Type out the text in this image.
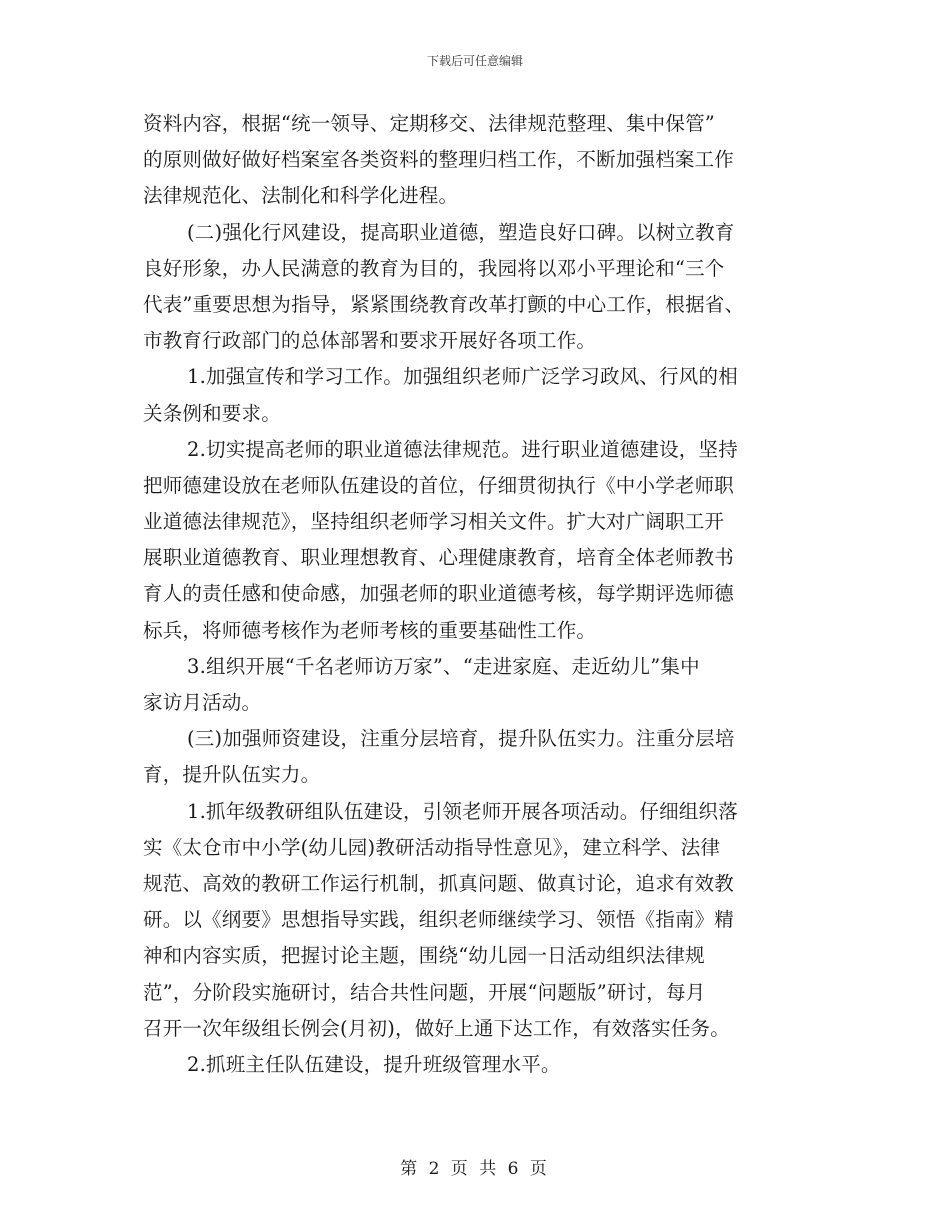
下载后可任意编辑
资料内容，根据“统一领导、定期移交、法律规范整理、集中保管”
的原则做好做好档案室各类资料的整理归档工作，不断加强档案工作
法律规范化、法制化和科学化进程。
(二)强化行风建设，提高职业道德，塑造良好口碑。以树立教育
良好形象，办人民满意的教育为目的，我园将以邓小平理论和“三个
代表”重要思想为指导，紧紧围绕教育改革打颤的中心工作，根据省、
市教育行政部门的总体部署和要求开展好各项工作。
1.加强宣传和学习工作。加强组织老师广泛学习政风、行风的相
关条例和要求。
2.切实提高老师的职业道德法律规范。进行职业道德建设，坚持
把师德建设放在老师队伍建设的首位，仔细贯彻执行《中小学老师职
业道德法律规范》，坚持组织老师学习相关文件。扩大对广阔职工开
展职业道德教育、职业理想教育、心理健康教育，培育全体老师教书
育人的责任感和使命感，加强老师的职业道德考核，每学期评选师德
标兵，将师德考核作为老师考核的重要基础性工作。
3.组织开展“千名老师访万家”、“走进家庭、走近幼儿”集中
家访月活动。
(三)加强师资建设，注重分层培育，提升队伍实力。注重分层培
育，提升队伍实力。
1.抓年级教研组队伍建设，引领老师开展各项活动。仔细组织落
实《太仓市中小学(幼儿园)教研活动指导性意见》，建立科学、法律
规范、高效的教研工作运行机制，抓真问题、做真讨论，追求有效教
研。以《纲要》思想指导实践，组织老师继续学习、领悟《指南》精
神和内容实质，把握讨论主题，围绕“幼儿园一日活动组织法律规
范”，分阶段实施研讨，结合共性问题，开展“问题版”研讨，每月
召开一次年级组长例会(月初)，做好上通下达工作，有效落实任务。
2.抓班主任队伍建设，提升班级管理水平。
第 2 页 共 6 页
